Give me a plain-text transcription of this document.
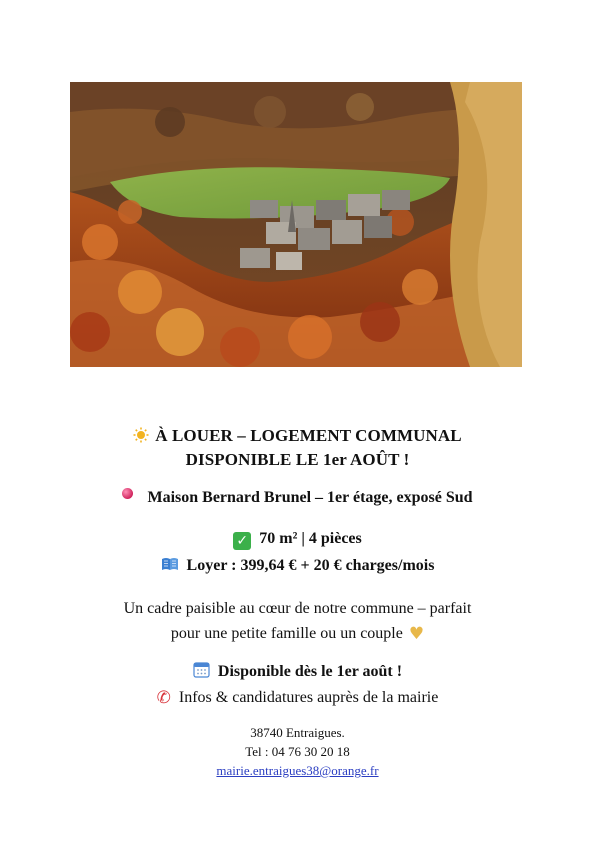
À LOUER – LOGEMENT COMMUNAL
DISPONIBLE LE 1er AOÛT !
Maison Bernard Brunel – 1er étage, exposé Sud
✓ 70 m² | 4 pièces
Loyer : 399,64 € + 20 € charges/mois
Un cadre paisible au cœur de notre commune – parfait
pour une petite famille ou un couple ♥
Disponible dès le 1er août !
✆ Infos & candidatures auprès de la mairie
38740 Entraigues.
Tel : 04 76 30 20 18
mairie.entraigues38@orange.fr
